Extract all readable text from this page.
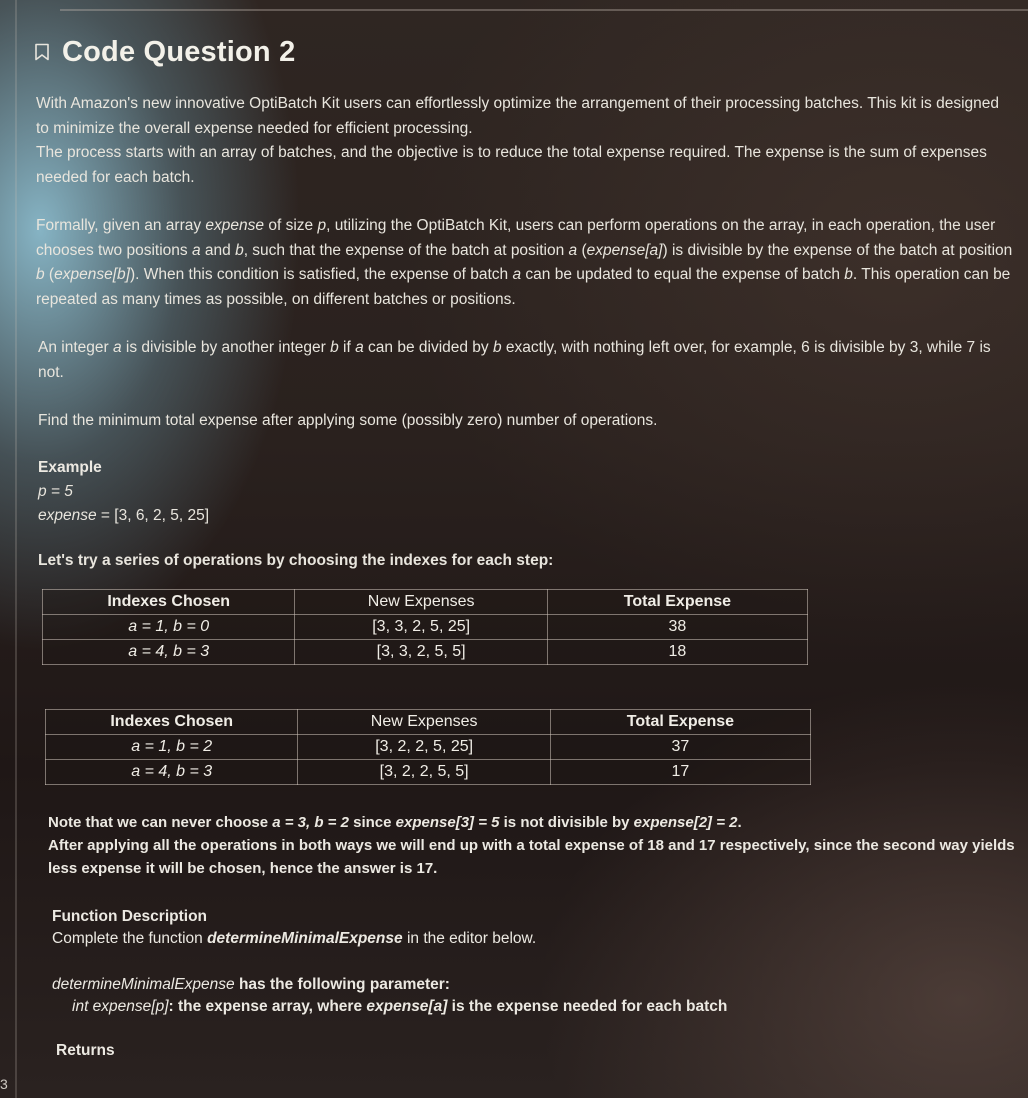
3
Code Question 2

With Amazon's new innovative OptiBatch Kit users can effortlessly optimize the arrangement of their processing batches. This kit is designed to minimize the overall expense needed for efficient processing.
The process starts with an array of batches, and the objective is to reduce the total expense required. The expense is the sum of expenses needed for each batch.

Formally, given an array expense of size p, utilizing the OptiBatch Kit, users can perform operations on the array, in each operation, the user chooses two positions a and b, such that the expense of the batch at position a (expense[a]) is divisible by the expense of the batch at position b (expense[b]). When this condition is satisfied, the expense of batch a can be updated to equal the expense of batch b. This operation can be repeated as many times as possible, on different batches or positions.

An integer a is divisible by another integer b if a can be divided by b exactly, with nothing left over, for example, 6 is divisible by 3, while 7 is not.

Find the minimum total expense after applying some (possibly zero) number of operations.

Example

p = 5

expense = [3, 6, 2, 5, 25]

Let's try a series of operations by choosing the indexes for each step:

Indexes Chosen	New Expenses	Total Expense
a = 1, b = 0	[3, 3, 2, 5, 25]	38
a = 4, b = 3	[3, 3, 2, 5, 5]	18
Indexes Chosen	New Expenses	Total Expense
a = 1, b = 2	[3, 2, 2, 5, 25]	37
a = 4, b = 3	[3, 2, 2, 5, 5]	17
Note that we can never choose a = 3, b = 2 since expense[3] = 5 is not divisible by expense[2] = 2.
After applying all the operations in both ways we will end up with a total expense of 18 and 17 respectively, since the second way yields less expense it will be chosen, hence the answer is 17.
Function Description
Complete the function determineMinimalExpense in the editor below.
determineMinimalExpense has the following parameter:
int expense[p]: the expense array, where expense[a] is the expense needed for each batch
Returns
